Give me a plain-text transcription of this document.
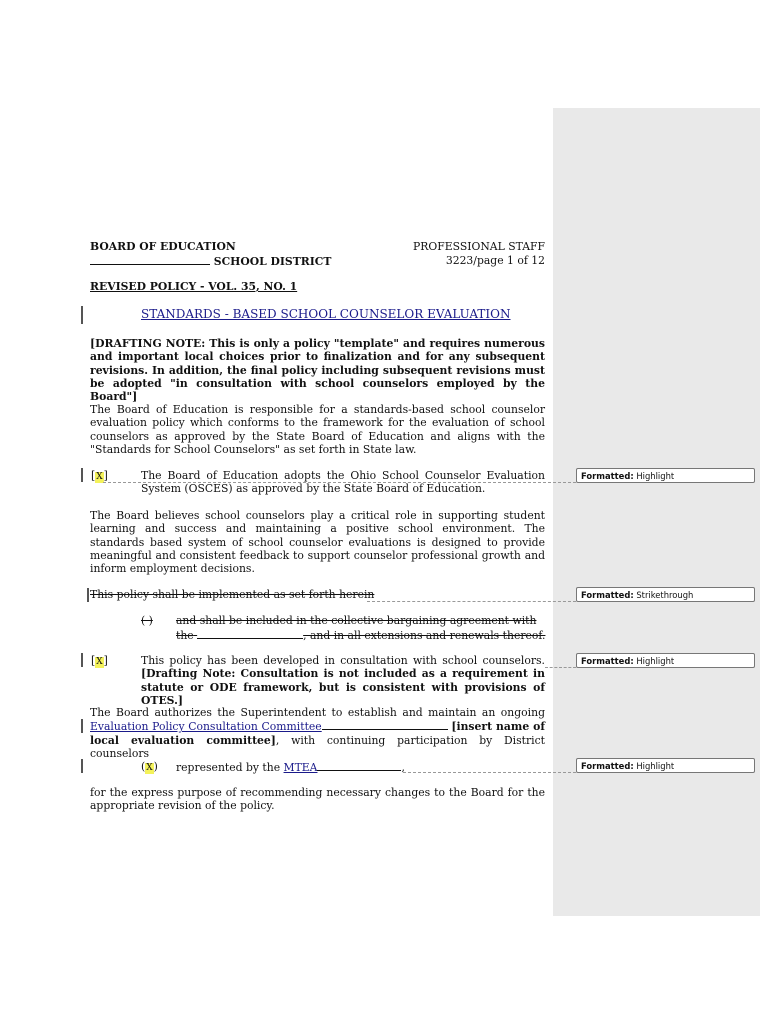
BOARD OF EDUCATION	PROFESSIONAL STAFF
SCHOOL DISTRICT	3223/page 1 of 12
REVISED POLICY - VOL. 35, NO. 1
STANDARDS - BASED SCHOOL COUNSELOR EVALUATION
[DRAFTING NOTE: This is only a policy "template" and requires numerous and important local choices prior to finalization and for any subsequent revisions. In addition, the final policy including subsequent revisions must be adopted "in consultation with school counselors employed by the Board"]
The Board of Education is responsible for a standards-based school counselor evaluation policy which conforms to the framework for the evaluation of school counselors as approved by the State Board of Education and aligns with the "Standards for School Counselors" as set forth in State law.
[X]	The Board of Education adopts the Ohio School Counselor Evaluation System (OSCES) as approved by the State Board of Education.
Formatted: Highlight
The Board believes school counselors play a critical role in supporting student learning and success and maintaining a positive school environment. The standards based system of school counselor evaluations is designed to provide meaningful and consistent feedback to support counselor professional growth and inform employment decisions.
This policy shall be implemented as set forth herein	Formatted: Strikethrough
( ) and shall be included in the collective bargaining agreement with
the	, and in all extensions and renewals thereof.
[X]	This policy has been developed in consultation with school counselors. [Drafting Note: Consultation is not included as a requirement in statute or ODE framework, but is consistent with provisions of OTES.]
Formatted: Highlight
The Board authorizes the Superintendent to establish and maintain an ongoing Evaluation Policy Consultation Committee	[insert name of local evaluation committee], with continuing participation by District counselors
(X) represented by the MTEA	,	Formatted: Highlight
for the express purpose of recommending necessary changes to the Board for the appropriate revision of the policy.
